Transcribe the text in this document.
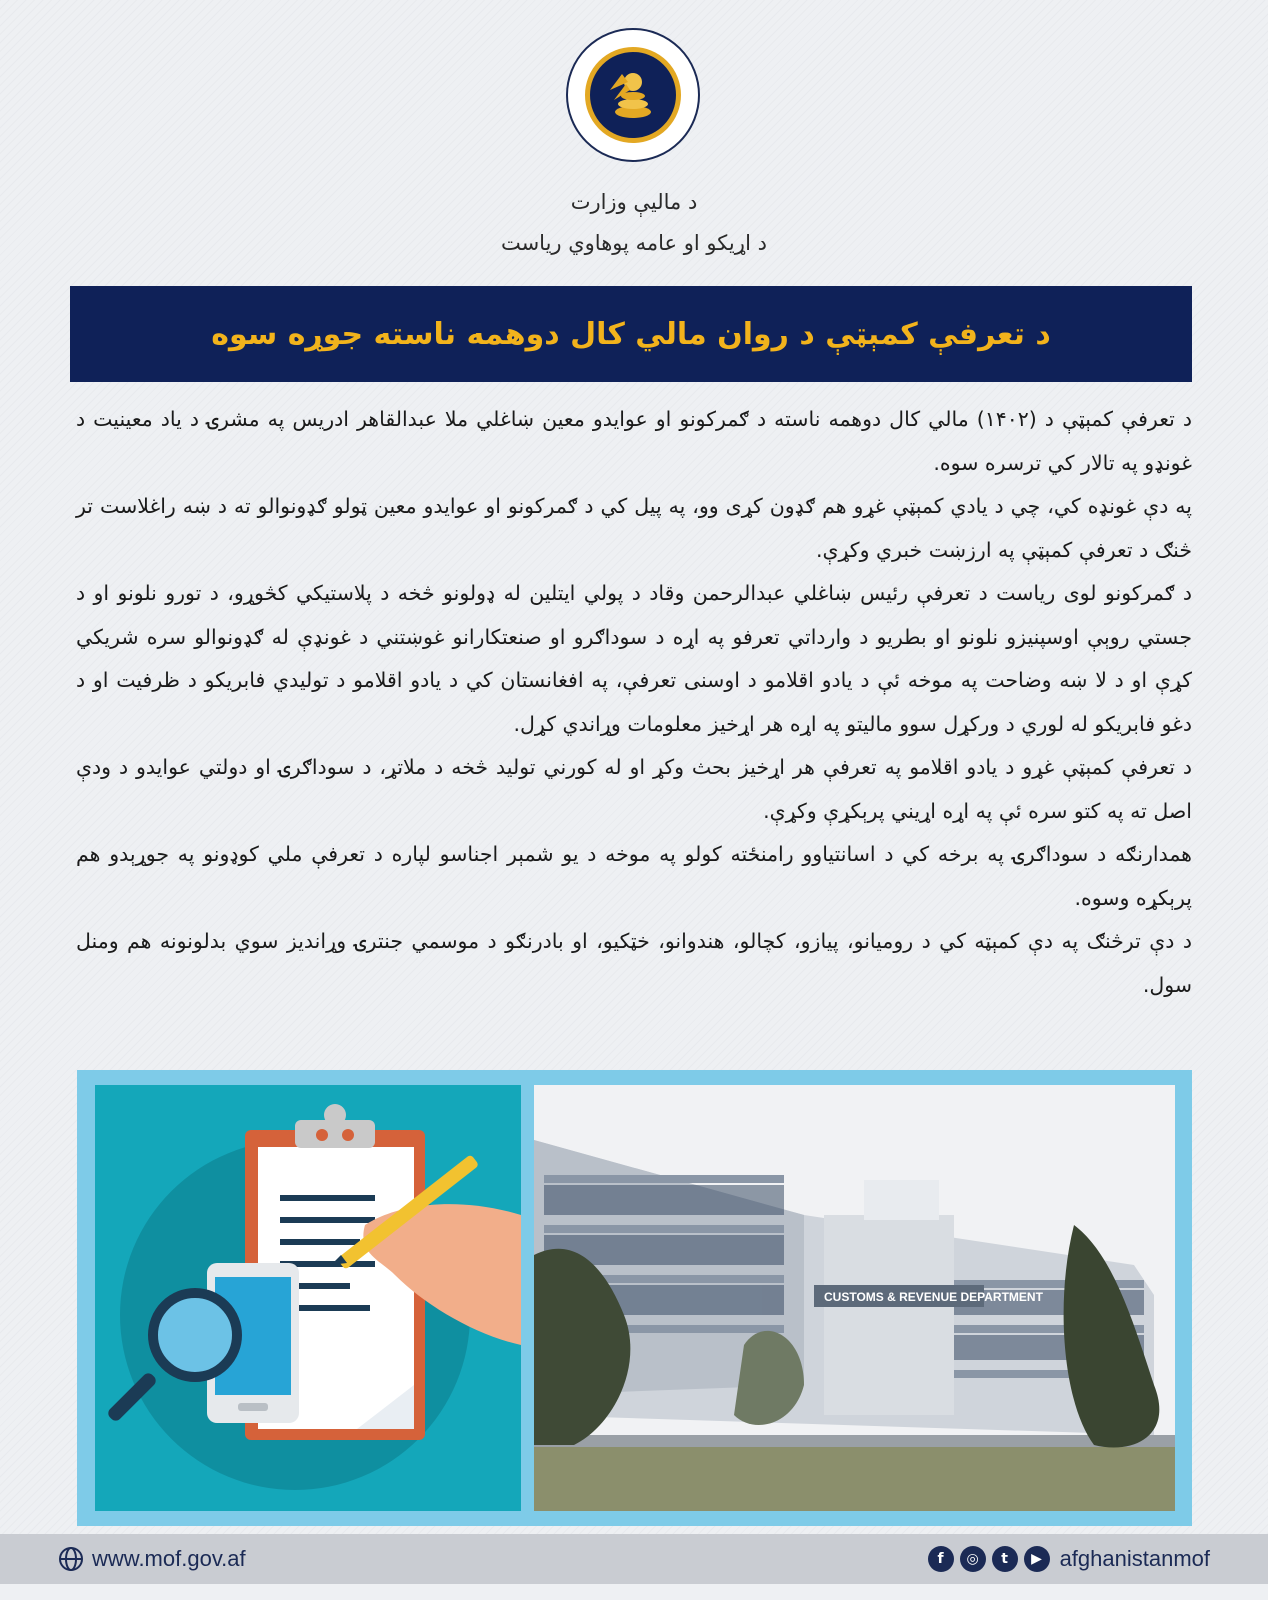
د ماليې وزارت
د اړيکو او عامه پوهاوي رياست
د تعرفې کمېټې د روان مالي کال دوهمه ناسته جوړه سوه

د تعرفې کمېټې د (۱۴۰۲) مالي کال دوهمه ناسته د ګمرکونو او عوايدو معين ښاغلي ملا عبدالقاهر ادريس په مشرۍ د ياد معينيت د غونډو په تالار کي ترسره سوه.

په دې غونډه کي، چي د يادي کمېټې غړو هم ګډون کړی وو، په پيل کي د ګمرکونو او عوايدو معين ټولو ګډونوالو ته د ښه راغلاست تر څنګ د تعرفې کمېټې په ارزښت خبري وکړې.

د ګمرکونو لوی رياست د تعرفې رئيس ښاغلي عبدالرحمن وقاد د پولي ايتلين له ډولونو څخه د پلاستيکي کڅوړو، د تورو نلونو او د جستي روېې اوسپنيزو نلونو او بطريو د وارداتي تعرفو په اړه د سوداګرو او صنعتکارانو غوښتني د غونډې له ګډونوالو سره شريکي کړې او د لا ښه وضاحت په موخه ئې د يادو اقلامو د اوسنی تعرفې، په افغانستان کي د يادو اقلامو د توليدي فابريکو د ظرفيت او د دغو فابريکو له لوري د ورکړل سوو ماليتو په اړه هر اړخيز معلومات وړاندي کړل.

د تعرفې کمېټې غړو د يادو اقلامو په تعرفې هر اړخيز بحث وکړ او له کورني توليد څخه د ملاتړ، د سوداګرۍ او دولتي عوايدو د ودې اصل ته په کتو سره ئې په اړه اړيني پرېکړې وکړې.

همدارنګه د سوداګرۍ په برخه کي د اسانتياوو رامنځته کولو په موخه د يو شمېر اجناسو لپاره د تعرفې ملي کوډونو په جوړېدو هم پرېکړه وسوه.

د دې ترڅنګ په دې کمېټه کي د روميانو، پيازو، کچالو، هندوانو، خټکيو، او بادرنګو د موسمي جنترۍ وړانديز سوي بدلونونه هم ومنل سول.

CUSTOMS & REVENUE DEPARTMENT
www.mof.gov.af	f	◎	t	▶ afghanistanmof
